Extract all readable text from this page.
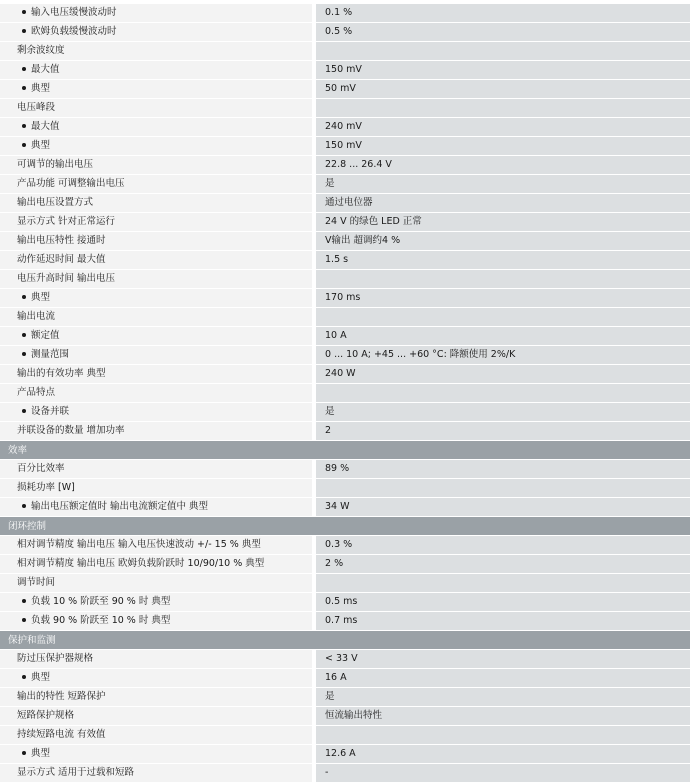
输入电压缓慢波动时	0.1 %
欧姆负载缓慢波动时	0.5 %
剩余波纹度
最大值	150 mV
典型	50 mV
电压峰段
最大值	240 mV
典型	150 mV
可调节的输出电压	22.8 ... 26.4 V
产品功能 可调整输出电压	是
输出电压设置方式	通过电位器
显示方式 针对正常运行	24 V 的绿色 LED 正常
输出电压特性 接通时	V输出 超调约4 %
动作延迟时间 最大值	1.5 s
电压升高时间 输出电压
典型	170 ms
输出电流
额定值	10 A
测量范围	0 ... 10 A; +45 ... +60 °C: 降额使用 2%/K
输出的有效功率 典型	240 W
产品特点
设备并联	是
并联设备的数量 增加功率	2
效率
百分比效率	89 %
损耗功率 [W]
输出电压额定值时 输出电流额定值中 典型	34 W
闭环控制
相对调节精度 输出电压 输入电压快速波动 +/- 15 % 典型	0.3 %
相对调节精度 输出电压 欧姆负载阶跃时 10/90/10 % 典型	2 %
调节时间
负载 10 % 阶跃至 90 % 时 典型	0.5 ms
负载 90 % 阶跃至 10 % 时 典型	0.7 ms
保护和监测
防过压保护器规格	< 33 V
典型	16 A
输出的特性 短路保护	是
短路保护规格	恒流输出特性
持续短路电流 有效值
典型	12.6 A
显示方式 适用于过载和短路	-
